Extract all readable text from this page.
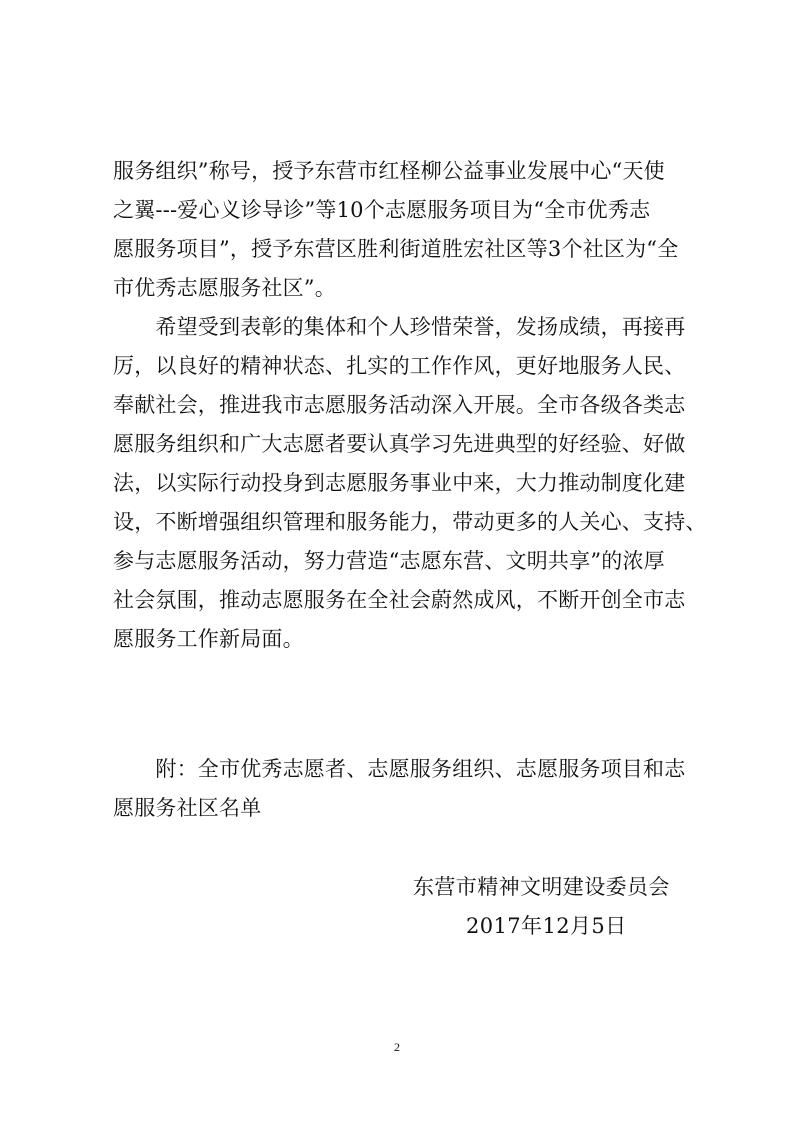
服务组织”称号，授予东营市红柽柳公益事业发展中心“天使
之翼---爱心义诊导诊”等10个志愿服务项目为“全市优秀志
愿服务项目”，授予东营区胜利街道胜宏社区等3个社区为“全
市优秀志愿服务社区”。
　　希望受到表彰的集体和个人珍惜荣誉，发扬成绩，再接再
厉，以良好的精神状态、扎实的工作作风，更好地服务人民、
奉献社会，推进我市志愿服务活动深入开展。全市各级各类志
愿服务组织和广大志愿者要认真学习先进典型的好经验、好做
法，以实际行动投身到志愿服务事业中来，大力推动制度化建
设，不断增强组织管理和服务能力，带动更多的人关心、支持、
参与志愿服务活动，努力营造“志愿东营、文明共享”的浓厚
社会氛围，推动志愿服务在全社会蔚然成风，不断开创全市志
愿服务工作新局面。
　　附：全市优秀志愿者、志愿服务组织、志愿服务项目和志
愿服务社区名单
东营市精神文明建设委员会
2017年12月5日
2
